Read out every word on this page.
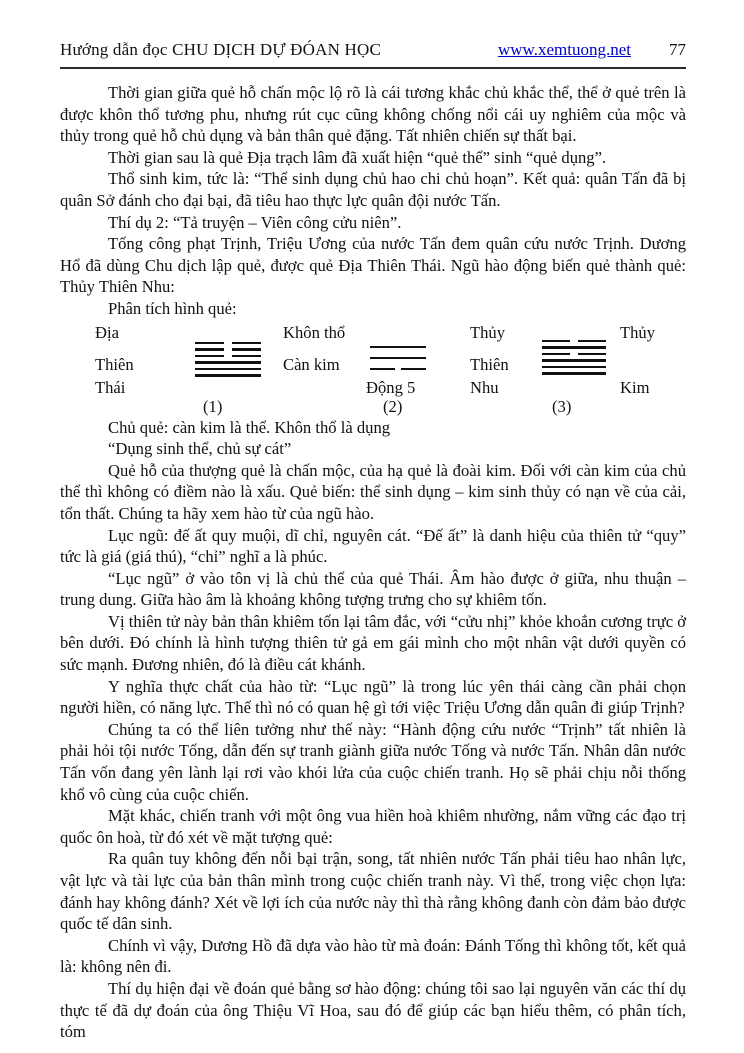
Hướng dẫn đọc CHU DỊCH DỰ ĐÓAN HỌC	www.xemtuong.net 77

Thời gian giữa quẻ hỗ chấn mộc lộ rõ là cái tương khắc chủ khắc thể, thể ở quẻ trên là được khôn thổ tương phu, nhưng rút cục cũng không chống nổi cái uy nghiêm của mộc và thủy trong quẻ hỗ chủ dụng và bản thân quẻ đặng. Tất nhiên chiến sự thất bại.

Thời gian sau là quẻ Địa trạch lâm đã xuất hiện “quẻ thể” sinh “quẻ dụng”.

Thổ sinh kim, tức là: “Thể sinh dụng chủ hao chi chủ hoạn”. Kết quả: quân Tấn đã bị quân Sở đánh cho đại bại, đã tiêu hao thực lực quân đội nước Tấn.

Thí dụ 2: “Tả truyện – Viên công cửu niên”.

Tống công phạt Trịnh, Triệu Ương của nước Tấn đem quân cứu nước Trịnh. Dương Hổ đã dùng Chu dịch lập quẻ, được quẻ Địa Thiên Thái. Ngũ hào động biến quẻ thành quẻ: Thủy Thiên Nhu:

Phân tích hình quẻ:

Địa
Thiên
Thái
(1)
Khôn thổ
Càn kim
Động 5
(2)
Thủy
Thiên
Nhu
(3)
Thủy
Kim

Chủ quẻ: càn kim là thể. Khôn thổ là dụng

“Dụng sinh thể, chủ sự cát”

Quẻ hỗ của thượng quẻ là chấn mộc, của hạ quẻ là đoài kim. Đối với càn kim của chủ thể thì không có điềm nào là xấu. Quẻ biến: thể sinh dụng – kim sinh thủy có nạn về của cải, tổn thất. Chúng ta hãy xem hào từ của ngũ hào.

Lục ngũ: đế ất quy muội, dĩ chỉ, nguyên cát. “Đế ất” là danh hiệu của thiên tử “quy” tức là giá (giá thú), “chỉ” nghĩ a là phúc.

“Lục ngũ” ở vào tôn vị là chủ thể của quẻ Thái. Âm hào được ở giữa, nhu thuận – trung dung. Giữa hào âm là khoảng không tượng trưng cho sự khiêm tốn.

Vị thiên tử này bản thân khiêm tốn lại tâm đắc, với “cửu nhị” khỏe khoắn cương trực ở bên dưới. Đó chính là hình tượng thiên tử gả em gái mình cho một nhân vật dưới quyền có sức mạnh. Đương nhiên, đó là điều cát khánh.

Y nghĩa thực chất của hào từ: “Lục ngũ” là trong lúc yên thái càng cần phải chọn người hiền, có năng lực. Thế thì nó có quan hệ gì tới việc Triệu Ương dẫn quân đi giúp Trịnh?

Chúng ta có thể liên tưởng như thế này: “Hành động cứu nước “Trịnh” tất nhiên là phải hỏi tội nước Tống, dẫn đến sự tranh giành giữa nước Tống và nước Tấn. Nhân dân nước Tấn vốn đang yên lành lại rơi vào khói lửa của cuộc chiến tranh. Họ sẽ phải chịu nỗi thống khổ vô cùng của cuộc chiến.

Mặt khác, chiến tranh với một ông vua hiền hoà khiêm nhường, nắm vững các đạo trị quốc ôn hoà, từ đó xét về mặt tượng quẻ:

Ra quân tuy không đến nỗi bại trận, song, tất nhiên nước Tấn phải tiêu hao nhân lực, vật lực và tài lực của bản thân mình trong cuộc chiến tranh này. Vì thế, trong việc chọn lựa: đánh hay không đánh? Xét về lợi ích của nước này thì thà rằng không đanh còn đảm bảo được quốc tế dân sinh.

Chính vì vậy, Dương Hồ đã dựa vào hào từ mà đoán: Đánh Tống thì không tốt, kết quả là: không nên đi.

Thí dụ hiện đại về đoán quẻ bằng sơ hào động: chúng tôi sao lại nguyên văn các thí dụ thực tế đã dự đoán của ông Thiệu Vĩ Hoa, sau đó để giúp các bạn hiểu thêm, có phân tích, tóm
